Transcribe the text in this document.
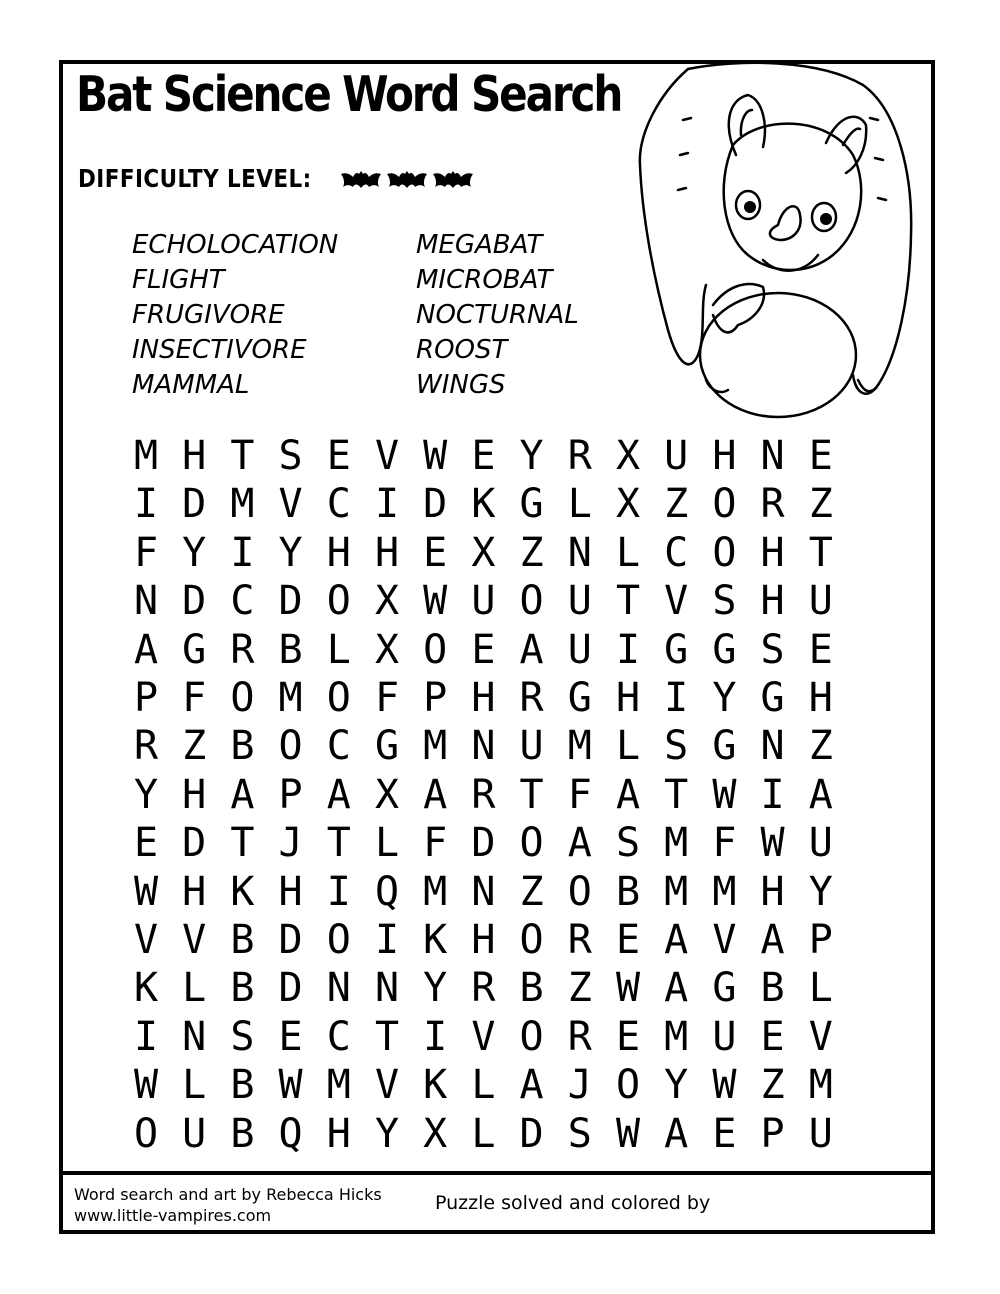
Bat Science Word Search
DIFFICULTY LEVEL:
ECHOLOCATION
FLIGHT
FRUGIVORE
INSECTIVORE
MAMMAL
MEGABAT
MICROBAT
NOCTURNAL
ROOST
WINGS
M H T S E V W E Y R X U H N E
I D M V C I D K G L X Z O R Z
F Y I Y H H E X Z N L C O H T
N D C D O X W U O U T V S H U
A G R B L X O E A U I G G S E
P F O M O F P H R G H I Y G H
R Z B O C G M N U M L S G N Z
Y H A P A X A R T F A T W I A
E D T J T L F D O A S M F W U
W H K H I Q M N Z O B M M H Y
V V B D O I K H O R E A V A P
K L B D N N Y R B Z W A G B L
I N S E C T I V O R E M U E V
W L B W M V K L A J O Y W Z M
O U B Q H Y X L D S W A E P U
Word search and art by Rebecca Hicks
www.little-vampires.com
Puzzle solved and colored by
